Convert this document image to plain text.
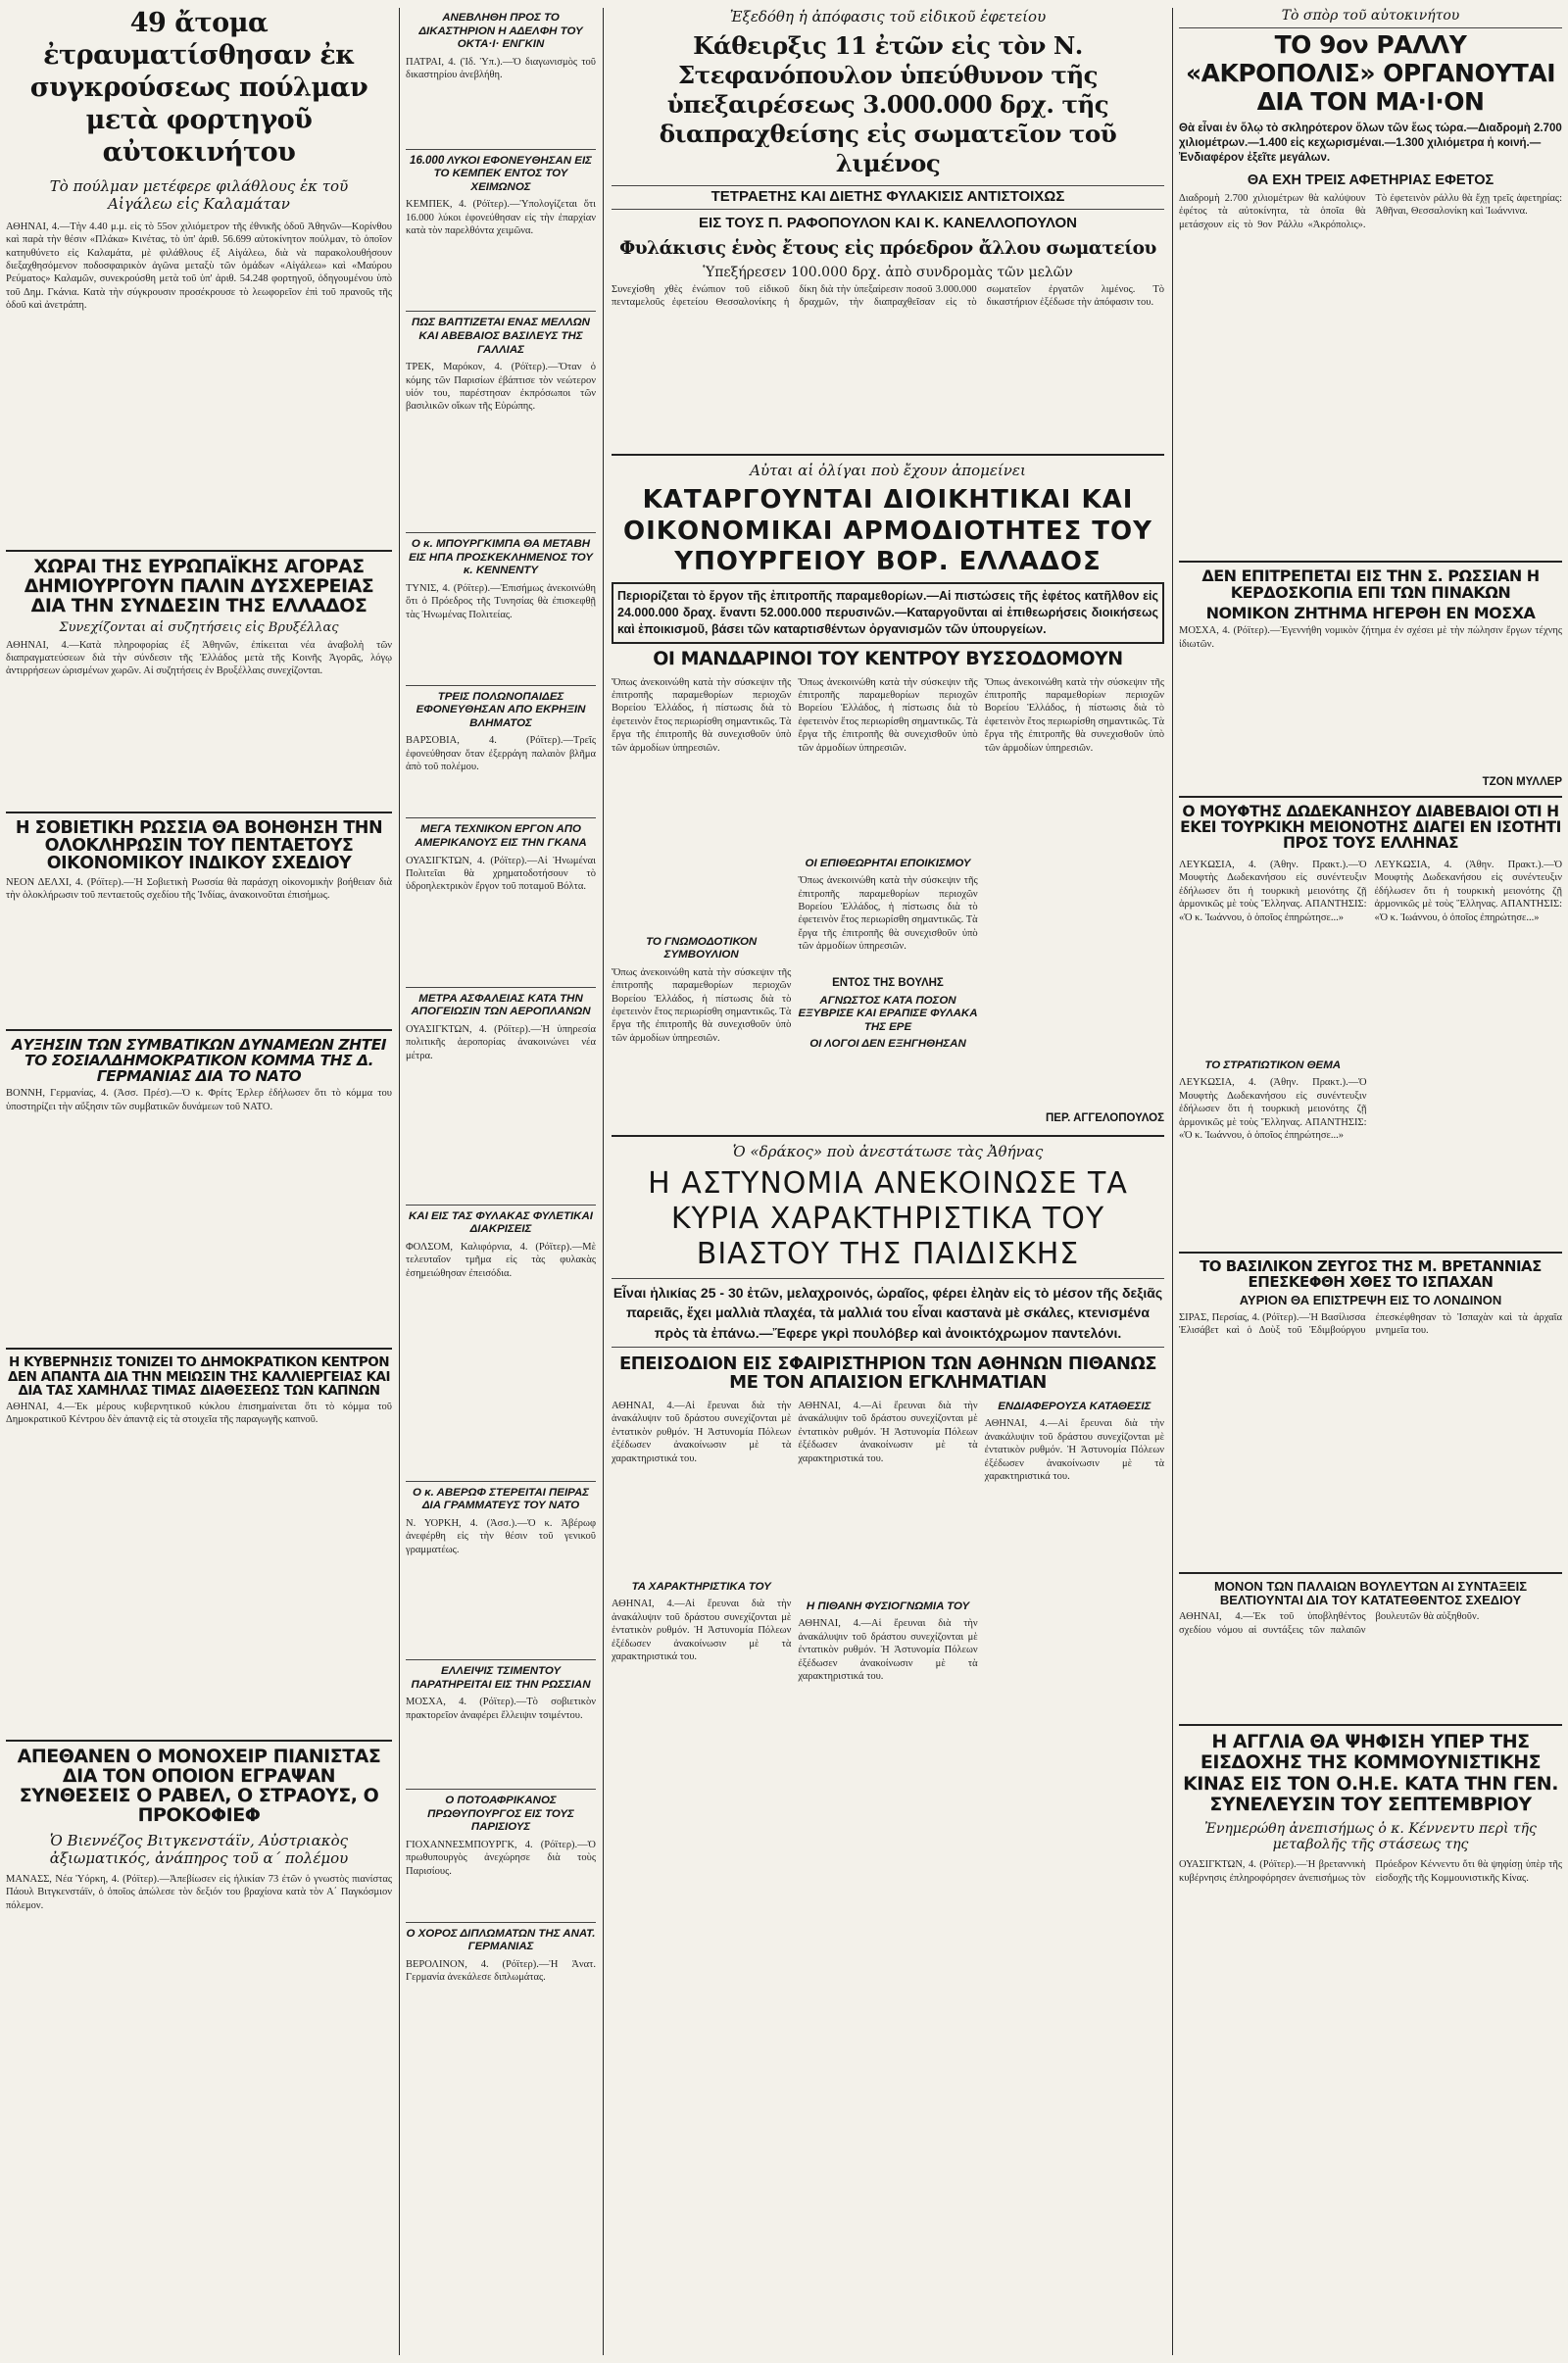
49 ἄτομα ἐτραυματίσθησαν ἐκ συγκρούσεως πούλμαν μετὰ φορτηγοῦ αὐτοκινήτου
Τὸ πούλμαν μετέφερε φιλάθλους ἐκ τοῦ Αἰγάλεω εἰς Καλαμάταν
ΑΘΗΝΑΙ, 4.—Τὴν 4.40 μ.μ. εἰς τὸ 55ον χιλιόμετρον τῆς ἐθνικῆς ὁδοῦ Ἀθηνῶν—Κορίνθου καὶ παρὰ τὴν θέσιν «Πλάκα» Κινέτας, τὸ ὑπ' ἀριθ. 56.699 αὐτοκίνητον πούλμαν, τὸ ὁποῖον κατηυθύνετο εἰς Καλαμάτα, μὲ φιλάθλους ἐξ Αἰγάλεω, διὰ νὰ παρακολουθήσουν διεξαχθησόμενον ποδοσφαιρικὸν ἀγῶνα μεταξὺ τῶν ὁμάδων «Αἰγάλεω» καὶ «Μαύρου Ρεύματος» Καλαμῶν, συνεκρούσθη μετὰ τοῦ ὑπ' ἀριθ. 54.248 φορτηγοῦ, ὁδηγουμένου ὑπὸ τοῦ Δημ. Γκάνια. Κατὰ τὴν σύγκρουσιν προσέκρουσε τὸ λεωφορεῖον ἐπὶ τοῦ πρανοῦς τῆς ὁδοῦ καὶ ἀνετράπη.
ΧΩΡΑΙ ΤΗΣ ΕΥΡΩΠΑΪΚΗΣ ΑΓΟΡΑΣ ΔΗΜΙΟΥΡΓΟΥΝ ΠΑΛΙΝ ΔΥΣΧΕΡΕΙΑΣ ΔΙΑ ΤΗΝ ΣΥΝΔΕΣΙΝ ΤΗΣ ΕΛΛΑΔΟΣ
Συνεχίζονται αἱ συζητήσεις εἰς Βρυξέλλας
ΑΘΗΝΑΙ, 4.—Κατὰ πληροφορίας ἐξ Ἀθηνῶν, ἐπίκειται νέα ἀναβολὴ τῶν διαπραγματεύσεων διὰ τὴν σύνδεσιν τῆς Ἑλλάδος μετὰ τῆς Κοινῆς Ἀγορᾶς, λόγῳ ἀντιρρήσεων ὡρισμένων χωρῶν. Αἱ συζητήσεις ἐν Βρυξέλλαις συνεχίζονται.
Η ΣΟΒΙΕΤΙΚΗ ΡΩΣΣΙΑ ΘΑ ΒΟΗΘΗΣΗ ΤΗΝ ΟΛΟΚΛΗΡΩΣΙΝ ΤΟΥ ΠΕΝΤΑΕΤΟΥΣ ΟΙΚΟΝΟΜΙΚΟΥ ΙΝΔΙΚΟΥ ΣΧΕΔΙΟΥ
ΝΕΟΝ ΔΕΛΧΙ, 4. (Ρόϊτερ).—Ἡ Σοβιετικὴ Ρωσσία θὰ παράσχη οἰκονομικὴν βοήθειαν διὰ τὴν ὁλοκλήρωσιν τοῦ πενταετοῦς σχεδίου τῆς Ἰνδίας, ἀνακοινοῦται ἐπισήμως.
ΑΥΞΗΣΙΝ ΤΩΝ ΣΥΜΒΑΤΙΚΩΝ ΔΥΝΑΜΕΩΝ ΖΗΤΕΙ ΤΟ ΣΟΣΙΑΛΔΗΜΟΚΡΑΤΙΚΟΝ ΚΟΜΜΑ ΤΗΣ Δ. ΓΕΡΜΑΝΙΑΣ ΔΙΑ ΤΟ ΝΑΤΟ
ΒΟΝΝΗ, Γερμανίας, 4. (Ἀσσ. Πρέσ).—Ὁ κ. Φρίτς Έρλερ ἐδήλωσεν ὅτι τὸ κόμμα του ὑποστηρίζει τὴν αὔξησιν τῶν συμβατικῶν δυνάμεων τοῦ ΝΑΤΟ.
Η ΚΥΒΕΡΝΗΣΙΣ ΤΟΝΙΖΕΙ ΤΟ ΔΗΜΟΚΡΑΤΙΚΟΝ ΚΕΝΤΡΟΝ ΔΕΝ ΑΠΑΝΤΑ ΔΙΑ ΤΗΝ ΜΕΙΩΣΙΝ ΤΗΣ ΚΑΛΛΙΕΡΓΕΙΑΣ ΚΑΙ ΔΙΑ ΤΑΣ ΧΑΜΗΛΑΣ ΤΙΜΑΣ ΔΙΑΘΕΣΕΩΣ ΤΩΝ ΚΑΠΝΩΝ
ΑΘΗΝΑΙ, 4.—Ἐκ μέρους κυβερνητικοῦ κύκλου ἐπισημαίνεται ὅτι τὸ κόμμα τοῦ Δημοκρατικοῦ Κέντρου δὲν ἀπαντᾷ εἰς τὰ στοιχεῖα τῆς παραγωγῆς καπνοῦ.
ΑΠΕΘΑΝΕΝ Ο ΜΟΝΟΧΕΙΡ ΠΙΑΝΙΣΤΑΣ ΔΙΑ ΤΟΝ ΟΠΟΙΟΝ ΕΓΡΑΨΑΝ ΣΥΝΘΕΣΕΙΣ Ο ΡΑΒΕΛ, Ο ΣΤΡΑΟΥΣ, Ο ΠΡΟΚΟΦΙΕΦ
Ὁ Βιεννέζος Βιτγκενστάϊν, Αὐστριακὸς ἀξιωματικός, ἀνάπηρος τοῦ α΄ πολέμου
ΜΑΝΑΣΣ, Νέα Ὑόρκη, 4. (Ρόϊτερ).—Ἀπεβίωσεν εἰς ἡλικίαν 73 ἐτῶν ὁ γνωστὸς πιανίστας Πάουλ Βιτγκενστάϊν, ὁ ὁποῖος ἀπώλεσε τὸν δεξιόν του βραχίονα κατὰ τὸν Α΄ Παγκόσμιον πόλεμον.
ΑΝΕΒΛΗΘΗ ΠΡΟΣ ΤΟ ΔΙΚΑΣΤΗΡΙΟΝ Η ΑΔΕΛΦΗ ΤΟΥ ΟΚΤΑ·Ι· ΕΝΓΚΙΝ
ΠΑΤΡΑΙ, 4. (Ἰδ. Ὑπ.).—Ὁ διαγωνισμὸς τοῦ δικαστηρίου ἀνεβλήθη.
16.000 ΛΥΚΟΙ ΕΦΟΝΕΥΘΗΣΑΝ ΕΙΣ ΤΟ ΚΕΜΠΕΚ ΕΝΤΟΣ ΤΟΥ ΧΕΙΜΩΝΟΣ
ΚΕΜΠΕΚ, 4. (Ρόϊτερ).—Ὑπολογίζεται ὅτι 16.000 λύκοι ἐφονεύθησαν εἰς τὴν ἐπαρχίαν κατὰ τὸν παρελθόντα χειμῶνα.
ΠΩΣ ΒΑΠΤΙΖΕΤΑΙ ΕΝΑΣ ΜΕΛΛΩΝ ΚΑΙ ΑΒΕΒΑΙΟΣ ΒΑΣΙΛΕΥΣ ΤΗΣ ΓΑΛΛΙΑΣ
ΤΡΕΚ, Μαρόκον, 4. (Ρόϊτερ).—Ὅταν ὁ κόμης τῶν Παρισίων ἐβάπτισε τὸν νεώτερον υἱόν του, παρέστησαν ἐκπρόσωποι τῶν βασιλικῶν οἴκων τῆς Εὐρώπης.
Ο κ. ΜΠΟΥΡΓΚΙΜΠΑ ΘΑ ΜΕΤΑΒΗ ΕΙΣ ΗΠΑ ΠΡΟΣΚΕΚΛΗΜΕΝΟΣ ΤΟΥ κ. ΚΕΝΝΕΝΤΥ
ΤΥΝΙΣ, 4. (Ρόϊτερ).—Ἐπισήμως ἀνεκοινώθη ὅτι ὁ Πρόεδρος τῆς Τυνησίας θὰ ἐπισκεφθῇ τὰς Ἡνωμένας Πολιτείας.
ΤΡΕΙΣ ΠΟΛΩΝΟΠΑΙΔΕΣ ΕΦΟΝΕΥΘΗΣΑΝ ΑΠΟ ΕΚΡΗΞΙΝ ΒΛΗΜΑΤΟΣ
ΒΑΡΣΟΒΙΑ, 4. (Ρόϊτερ).—Τρεῖς ἐφονεύθησαν ὅταν ἐξερράγη παλαιὸν βλῆμα ἀπὸ τοῦ πολέμου.
ΜΕΓΑ ΤΕΧΝΙΚΟΝ ΕΡΓΟΝ ΑΠΟ ΑΜΕΡΙΚΑΝΟΥΣ ΕΙΣ ΤΗΝ ΓΚΑΝΑ
ΟΥΑΣΙΓΚΤΩΝ, 4. (Ρόϊτερ).—Αἱ Ἡνωμέναι Πολιτεῖαι θὰ χρηματοδοτήσουν τὸ ὑδροηλεκτρικὸν ἔργον τοῦ ποταμοῦ Βόλτα.
ΜΕΤΡΑ ΑΣΦΑΛΕΙΑΣ ΚΑΤΑ ΤΗΝ ΑΠΟΓΕΙΩΣΙΝ ΤΩΝ ΑΕΡΟΠΛΑΝΩΝ
ΟΥΑΣΙΓΚΤΩΝ, 4. (Ρόϊτερ).—Ἡ ὑπηρεσία πολιτικῆς ἀεροπορίας ἀνακοινώνει νέα μέτρα.
ΚΑΙ ΕΙΣ ΤΑΣ ΦΥΛΑΚΑΣ ΦΥΛΕΤΙΚΑΙ ΔΙΑΚΡΙΣΕΙΣ
ΦΟΛΣΟΜ, Καλιφόρνια, 4. (Ρόϊτερ).—Μὲ τελευταῖον τμῆμα εἰς τὰς φυλακὰς ἐσημειώθησαν ἐπεισόδια.
Ο κ. ΑΒΕΡΩΦ ΣΤΕΡΕΙΤΑΙ ΠΕΙΡΑΣ ΔΙΑ ΓΡΑΜΜΑΤΕΥΣ ΤΟΥ ΝΑΤΟ
Ν. ΥΟΡΚΗ, 4. (Ἀσσ.).—Ὁ κ. Ἀβέρωφ ἀνεφέρθη εἰς τὴν θέσιν τοῦ γενικοῦ γραμματέως.
ΕΛΛΕΙΨΙΣ ΤΣΙΜΕΝΤΟΥ ΠΑΡΑΤΗΡΕΙΤΑΙ ΕΙΣ ΤΗΝ ΡΩΣΣΙΑΝ
ΜΟΣΧΑ, 4. (Ρόϊτερ).—Τὸ σοβιετικὸν πρακτορεῖον ἀναφέρει ἔλλειψιν τσιμέντου.
Ο ΠΟΤΟΑΦΡΙΚΑΝΟΣ ΠΡΩΘΥΠΟΥΡΓΟΣ ΕΙΣ ΤΟΥΣ ΠΑΡΙΣΙΟΥΣ
ΓΙΟΧΑΝΝΕΣΜΠΟΥΡΓΚ, 4. (Ρόϊτερ).—Ὁ πρωθυπουργὸς ἀνεχώρησε διὰ τοὺς Παρισίους.
Ο ΧΟΡΟΣ ΔΙΠΛΩΜΑΤΩΝ ΤΗΣ ΑΝΑΤ. ΓΕΡΜΑΝΙΑΣ
ΒΕΡΟΛΙΝΟΝ, 4. (Ρόϊτερ).—Ἡ Ἀνατ. Γερμανία ἀνεκάλεσε διπλωμάτας.
Ἐξεδόθη ἡ ἀπόφασις τοῦ εἰδικοῦ ἐφετείου
Κάθειρξις 11 ἐτῶν εἰς τὸν Ν. Στεφανόπουλον ὑπεύθυνον τῆς ὑπεξαιρέσεως 3.000.000 δρχ. τῆς διαπραχθείσης εἰς σωματεῖον τοῦ λιμένος
ΤΕΤΡΑΕΤΗΣ ΚΑΙ ΔΙΕΤΗΣ ΦΥΛΑΚΙΣΙΣ ΑΝΤΙΣΤΟΙΧΩΣ
ΕΙΣ ΤΟΥΣ Π. ΡΑΦΟΠΟΥΛΟΝ ΚΑΙ Κ. ΚΑΝΕΛΛΟΠΟΥΛΟΝ
Φυλάκισις ἑνὸς ἔτους εἰς πρόεδρον ἄλλου σωματείου
Ὑπεξήρεσεν 100.000 δρχ. ἀπὸ συνδρομὰς τῶν μελῶν
Συνεχίσθη χθὲς ἐνώπιον τοῦ εἰδικοῦ πενταμελοῦς ἐφετείου Θεσσαλονίκης ἡ δίκη διὰ τὴν ὑπεξαίρεσιν ποσοῦ 3.000.000 δραχμῶν, τὴν διαπραχθεῖσαν εἰς τὸ σωματεῖον ἐργατῶν λιμένος. Τὸ δικαστήριον ἐξέδωσε τὴν ἀπόφασιν του.
Αὐται αἱ ὀλίγαι ποὺ ἔχουν ἀπομείνει
ΚΑΤΑΡΓΟΥΝΤΑΙ ΔΙΟΙΚΗΤΙΚΑΙ ΚΑΙ ΟΙΚΟΝΟΜΙΚΑΙ ΑΡΜΟΔΙΟΤΗΤΕΣ ΤΟΥ ΥΠΟΥΡΓΕΙΟΥ ΒΟΡ. ΕΛΛΑΔΟΣ
Περιορίζεται τὸ ἔργον τῆς ἐπιτροπῆς παραμεθορίων.—Αἱ πιστώσεις τῆς ἐφέτος κατῆλθον εἰς 24.000.000 δραχ. ἔναντι 52.000.000 περυσινῶν.—Καταργοῦνται αἱ ἐπιθεωρήσεις διοικήσεως καὶ ἐποικισμοῦ, βάσει τῶν καταρτισθέντων ὀργανισμῶν τῶν ὑπουργείων.
ΟΙ ΜΑΝΔΑΡΙΝΟΙ ΤΟΥ ΚΕΝΤΡΟΥ ΒΥΣΣΟΔΟΜΟΥΝ
Ὅπως ἀνεκοινώθη κατὰ τὴν σύσκεψιν τῆς ἐπιτροπῆς παραμεθορίων περιοχῶν Βορείου Ἑλλάδος, ἡ πίστωσις διὰ τὸ ἐφετεινὸν ἔτος περιωρίσθη σημαντικῶς. Τὰ ἔργα τῆς ἐπιτροπῆς θὰ συνεχισθοῦν ὑπὸ τῶν ἁρμοδίων ὑπηρεσιῶν.
ΤΟ ΓΝΩΜΟΔΟΤΙΚΟΝ ΣΥΜΒΟΥΛΙΟΝ
Ὅπως ἀνεκοινώθη κατὰ τὴν σύσκεψιν τῆς ἐπιτροπῆς παραμεθορίων περιοχῶν Βορείου Ἑλλάδος, ἡ πίστωσις διὰ τὸ ἐφετεινὸν ἔτος περιωρίσθη σημαντικῶς. Τὰ ἔργα τῆς ἐπιτροπῆς θὰ συνεχισθοῦν ὑπὸ τῶν ἁρμοδίων ὑπηρεσιῶν.
Ὅπως ἀνεκοινώθη κατὰ τὴν σύσκεψιν τῆς ἐπιτροπῆς παραμεθορίων περιοχῶν Βορείου Ἑλλάδος, ἡ πίστωσις διὰ τὸ ἐφετεινὸν ἔτος περιωρίσθη σημαντικῶς. Τὰ ἔργα τῆς ἐπιτροπῆς θὰ συνεχισθοῦν ὑπὸ τῶν ἁρμοδίων ὑπηρεσιῶν.
ΟΙ ΕΠΙΘΕΩΡΗΤΑΙ ΕΠΟΙΚΙΣΜΟΥ
Ὅπως ἀνεκοινώθη κατὰ τὴν σύσκεψιν τῆς ἐπιτροπῆς παραμεθορίων περιοχῶν Βορείου Ἑλλάδος, ἡ πίστωσις διὰ τὸ ἐφετεινὸν ἔτος περιωρίσθη σημαντικῶς. Τὰ ἔργα τῆς ἐπιτροπῆς θὰ συνεχισθοῦν ὑπὸ τῶν ἁρμοδίων ὑπηρεσιῶν.
ΕΝΤΟΣ ΤΗΣ ΒΟΥΛΗΣ
ΑΓΝΩΣΤΟΣ ΚΑΤΑ ΠΟΣΟΝ ΕΞΥΒΡΙΣΕ ΚΑΙ ΕΡΑΠΙΣΕ ΦΥΛΑΚΑ ΤΗΣ ΕΡΕ
ΟΙ ΛΟΓΟΙ ΔΕΝ ΕΞΗΓΗΘΗΣΑΝ
Ὅπως ἀνεκοινώθη κατὰ τὴν σύσκεψιν τῆς ἐπιτροπῆς παραμεθορίων περιοχῶν Βορείου Ἑλλάδος, ἡ πίστωσις διὰ τὸ ἐφετεινὸν ἔτος περιωρίσθη σημαντικῶς. Τὰ ἔργα τῆς ἐπιτροπῆς θὰ συνεχισθοῦν ὑπὸ τῶν ἁρμοδίων ὑπηρεσιῶν.
ΠΕΡ. ΑΓΓΕΛΟΠΟΥΛΟΣ
Ὁ «δράκος» ποὺ ἀνεστάτωσε τὰς Ἀθήνας
Η ΑΣΤΥΝΟΜΙΑ ΑΝΕΚΟΙΝΩΣΕ ΤΑ ΚΥΡΙΑ ΧΑΡΑΚΤΗΡΙΣΤΙΚΑ ΤΟΥ ΒΙΑΣΤΟΥ ΤΗΣ ΠΑΙΔΙΣΚΗΣ
Εἶναι ἡλικίας 25 - 30 ἐτῶν, μελαχροινός, ὡραῖος, φέρει ἐληὰν εἰς τὸ μέσον τῆς δεξιᾶς παρειᾶς, ἔχει μαλλιὰ πλαχέα, τὰ μαλλιά του εἶναι καστανὰ μὲ σκάλες, κτενισμένα πρὸς τὰ ἐπάνω.—Ἔφερε γκρὶ πουλόβερ καὶ ἀνοικτόχρωμον παντελόνι.
ΕΠΕΙΣΟΔΙΟΝ ΕΙΣ ΣΦΑΙΡΙΣΤΗΡΙΟΝ ΤΩΝ ΑΘΗΝΩΝ ΠΙΘΑΝΩΣ ΜΕ ΤΟΝ ΑΠΑΙΣΙΟΝ ΕΓΚΛΗΜΑΤΙΑΝ
ΑΘΗΝΑΙ, 4.—Αἱ ἔρευναι διὰ τὴν ἀνακάλυψιν τοῦ δράστου συνεχίζονται μὲ ἐντατικὸν ρυθμόν. Ἡ Ἀστυνομία Πόλεων ἐξέδωσεν ἀνακοίνωσιν μὲ τὰ χαρακτηριστικά του.
ΤΑ ΧΑΡΑΚΤΗΡΙΣΤΙΚΑ ΤΟΥ
ΑΘΗΝΑΙ, 4.—Αἱ ἔρευναι διὰ τὴν ἀνακάλυψιν τοῦ δράστου συνεχίζονται μὲ ἐντατικὸν ρυθμόν. Ἡ Ἀστυνομία Πόλεων ἐξέδωσεν ἀνακοίνωσιν μὲ τὰ χαρακτηριστικά του.
ΑΘΗΝΑΙ, 4.—Αἱ ἔρευναι διὰ τὴν ἀνακάλυψιν τοῦ δράστου συνεχίζονται μὲ ἐντατικὸν ρυθμόν. Ἡ Ἀστυνομία Πόλεων ἐξέδωσεν ἀνακοίνωσιν μὲ τὰ χαρακτηριστικά του.
Η ΠΙΘΑΝΗ ΦΥΣΙΟΓΝΩΜΙΑ ΤΟΥ
ΑΘΗΝΑΙ, 4.—Αἱ ἔρευναι διὰ τὴν ἀνακάλυψιν τοῦ δράστου συνεχίζονται μὲ ἐντατικὸν ρυθμόν. Ἡ Ἀστυνομία Πόλεων ἐξέδωσεν ἀνακοίνωσιν μὲ τὰ χαρακτηριστικά του.
ΕΝΔΙΑΦΕΡΟΥΣΑ ΚΑΤΑΘΕΣΙΣ
ΑΘΗΝΑΙ, 4.—Αἱ ἔρευναι διὰ τὴν ἀνακάλυψιν τοῦ δράστου συνεχίζονται μὲ ἐντατικὸν ρυθμόν. Ἡ Ἀστυνομία Πόλεων ἐξέδωσεν ἀνακοίνωσιν μὲ τὰ χαρακτηριστικά του.
Τὸ σπὸρ τοῦ αὐτοκινήτου
ΤΟ 9ον ΡΑΛΛΥ «ΑΚΡΟΠΟΛΙΣ» ΟΡΓΑΝΟΥΤΑΙ ΔΙΑ ΤΟΝ ΜΑ·Ι·ΟΝ
Θὰ εἶναι ἐν ὅλῳ τὸ σκληρότερον ὅλων τῶν ἕως τώρα.—Διαδρομὴ 2.700 χιλιομέτρων.—1.400 εἰς κεχωρισμέναι.—1.300 χιλιόμετρα ἡ κοινή.—Ἐνδιαφέρον ἐξεῖτε μεγάλων.
ΘΑ ΕΧΗ ΤΡΕΙΣ ΑΦΕΤΗΡΙΑΣ ΕΦΕΤΟΣ
Διαδρομὴ 2.700 χιλιομέτρων θὰ καλύψουν ἐφέτος τὰ αὐτοκίνητα, τὰ ὁποῖα θὰ μετάσχουν εἰς τὸ 9ον Ράλλυ «Ἀκρόπολις». Τὸ ἐφετεινὸν ράλλυ θὰ ἔχῃ τρεῖς ἀφετηρίας: Ἀθῆναι, Θεσσαλονίκη καὶ Ἰωάννινα.
ΔΕΝ ΕΠΙΤΡΕΠΕΤΑΙ ΕΙΣ ΤΗΝ Σ. ΡΩΣΣΙΑΝ Η ΚΕΡΔΟΣΚΟΠΙΑ ΕΠΙ ΤΩΝ ΠΙΝΑΚΩΝ
ΝΟΜΙΚΟΝ ΖΗΤΗΜΑ ΗΓΕΡΘΗ ΕΝ ΜΟΣΧΑ
ΜΟΣΧΑ, 4. (Ρόϊτερ).—Ἐγεννήθη νομικὸν ζήτημα ἐν σχέσει μὲ τὴν πώλησιν ἔργων τέχνης ἰδιωτῶν.
ΤΖΟΝ ΜΥΛΛΕΡ
Ο ΜΟΥΦΤΗΣ ΔΩΔΕΚΑΝΗΣΟΥ ΔΙΑΒΕΒΑΙΟΙ ΟΤΙ Η ΕΚΕΙ ΤΟΥΡΚΙΚΗ ΜΕΙΟΝΟΤΗΣ ΔΙΑΓΕΙ ΕΝ ΙΣΟΤΗΤΙ ΠΡΟΣ ΤΟΥΣ ΕΛΛΗΝΑΣ
ΛΕΥΚΩΣΙΑ, 4. (Ἀθην. Πρακτ.).—Ὁ Μουφτὴς Δωδεκανήσου εἰς συνέντευξιν ἐδήλωσεν ὅτι ἡ τουρκικὴ μειονότης ζῇ ἀρμονικῶς μὲ τοὺς Ἕλληνας. ΑΠΑΝΤΗΣΙΣ: «Ὁ κ. Ἰωάννου, ὁ ὁποῖος ἐπηρώτησε...»
ΤΟ ΣΤΡΑΤΙΩΤΙΚΟΝ ΘΕΜΑ
ΛΕΥΚΩΣΙΑ, 4. (Ἀθην. Πρακτ.).—Ὁ Μουφτὴς Δωδεκανήσου εἰς συνέντευξιν ἐδήλωσεν ὅτι ἡ τουρκικὴ μειονότης ζῇ ἀρμονικῶς μὲ τοὺς Ἕλληνας. ΑΠΑΝΤΗΣΙΣ: «Ὁ κ. Ἰωάννου, ὁ ὁποῖος ἐπηρώτησε...»
ΛΕΥΚΩΣΙΑ, 4. (Ἀθην. Πρακτ.).—Ὁ Μουφτὴς Δωδεκανήσου εἰς συνέντευξιν ἐδήλωσεν ὅτι ἡ τουρκικὴ μειονότης ζῇ ἀρμονικῶς μὲ τοὺς Ἕλληνας. ΑΠΑΝΤΗΣΙΣ: «Ὁ κ. Ἰωάννου, ὁ ὁποῖος ἐπηρώτησε...»
ΤΟ ΒΑΣΙΛΙΚΟΝ ΖΕΥΓΟΣ ΤΗΣ Μ. ΒΡΕΤΑΝΝΙΑΣ ΕΠΕΣΚΕΦΘΗ ΧΘΕΣ ΤΟ ΙΣΠΑΧΑΝ
ΑΥΡΙΟΝ ΘΑ ΕΠΙΣΤΡΕΨΗ ΕΙΣ ΤΟ ΛΟΝΔΙΝΟΝ
ΣΙΡΑΣ, Περσίας, 4. (Ρόϊτερ).—Ἡ Βασίλισσα Ἐλισάβετ καὶ ὁ Δοὺξ τοῦ Ἐδιμβούργου ἐπεσκέφθησαν τὸ Ἰσπαχὰν καὶ τὰ ἀρχαῖα μνημεῖα του.
ΜΟΝΟΝ ΤΩΝ ΠΑΛΑΙΩΝ ΒΟΥΛΕΥΤΩΝ ΑΙ ΣΥΝΤΑΞΕΙΣ ΒΕΛΤΙΟΥΝΤΑΙ ΔΙΑ ΤΟΥ ΚΑΤΑΤΕΘΕΝΤΟΣ ΣΧΕΔΙΟΥ
ΑΘΗΝΑΙ, 4.—Ἐκ τοῦ ὑποβληθέντος σχεδίου νόμου αἱ συντάξεις τῶν παλαιῶν βουλευτῶν θὰ αὐξηθοῦν.
Η ΑΓΓΛΙΑ ΘΑ ΨΗΦΙΣΗ ΥΠΕΡ ΤΗΣ ΕΙΣΔΟΧΗΣ ΤΗΣ ΚΟΜΜΟΥΝΙΣΤΙΚΗΣ ΚΙΝΑΣ ΕΙΣ ΤΟΝ Ο.Η.Ε. ΚΑΤΑ ΤΗΝ ΓΕΝ. ΣΥΝΕΛΕΥΣΙΝ ΤΟΥ ΣΕΠΤΕΜΒΡΙΟΥ
Ἐνημερώθη ἀνεπισήμως ὁ κ. Κέννεντυ περὶ τῆς μεταβολῆς τῆς στάσεως της
ΟΥΑΣΙΓΚΤΩΝ, 4. (Ρόϊτερ).—Ἡ βρεταννικὴ κυβέρνησις ἐπληροφόρησεν ἀνεπισήμως τὸν Πρόεδρον Κέννεντυ ὅτι θὰ ψηφίσῃ ὑπὲρ τῆς εἰσδοχῆς τῆς Κομμουνιστικῆς Κίνας.
